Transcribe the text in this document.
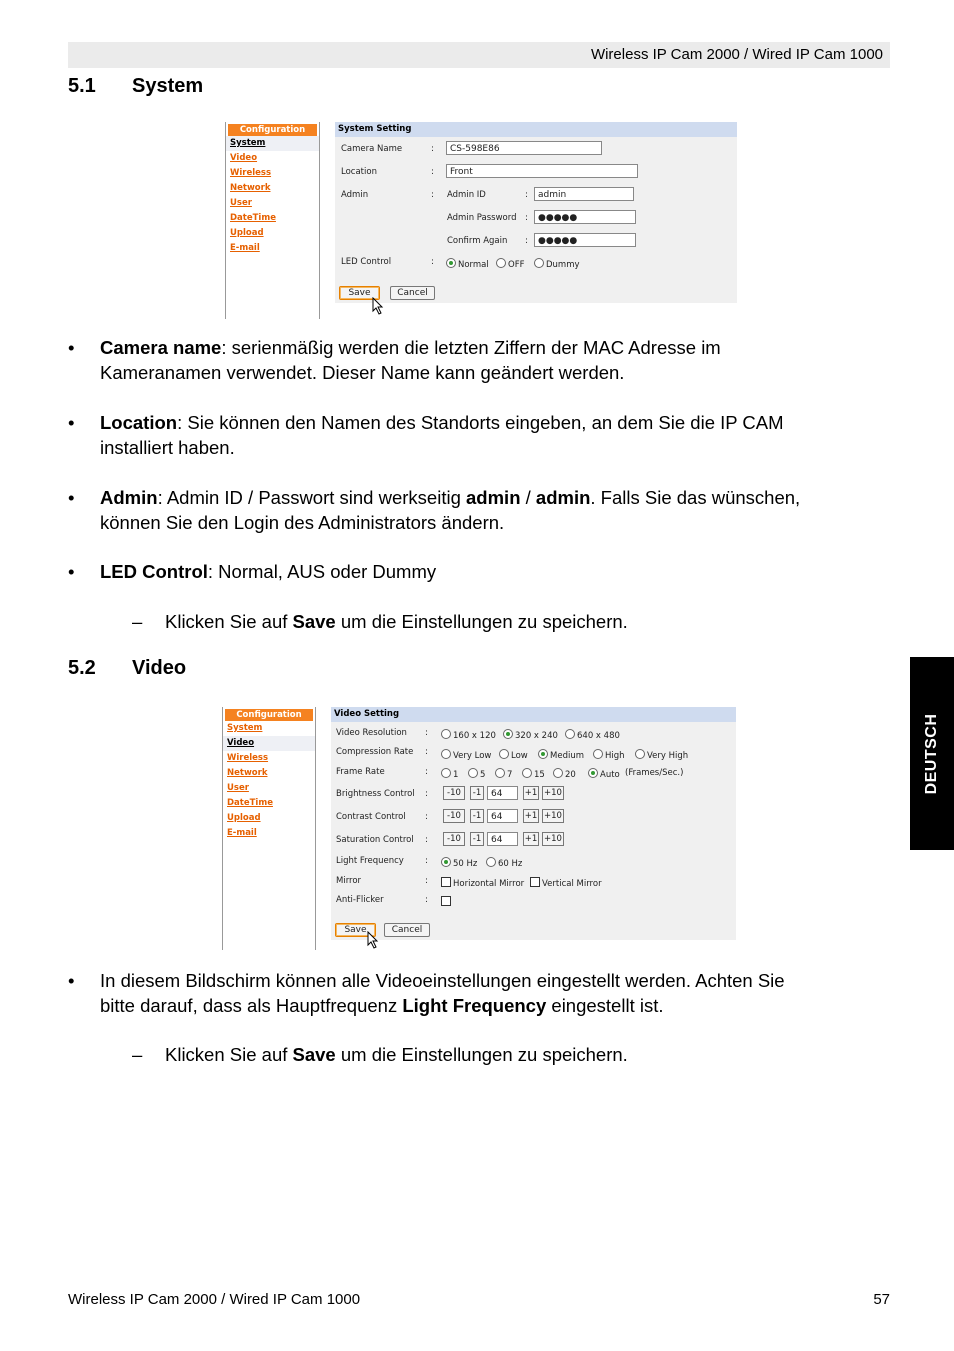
Wireless IP Cam 2000 / Wired IP Cam 1000
5.1 System
Configuration
System
Video
Wireless
Network
User
DateTime
Upload
E-mail
System Setting
Camera Name	:	CS-598E86
Location	:	Front
Admin	: Admin ID	:	admin
Admin Password :	●●●●●
Confirm Again :	●●●●●
LED Control	:	Normal	OFF	Dummy
Save	Cancel
• Camera name: serienmäßig werden die letzten Ziffern der MAC Adresse im
Kameranamen verwendet. Dieser Name kann geändert werden.
• Location: Sie können den Namen des Standorts eingeben, an dem Sie die IP CAM
installiert haben.
• Admin: Admin ID / Passwort sind werkseitig admin / admin. Falls Sie das wünschen,
können Sie den Login des Administrators ändern.
• LED Control: Normal, AUS oder Dummy
– Klicken Sie auf Save um die Einstellungen zu speichern.
5.2 Video
Configuration
System
Video
Wireless
Network
User
DateTime
Upload
E-mail
Video Setting
Video Resolution :	160 x 120	320 x 240	640 x 480
Compression Rate :	Very Low	Low	Medium	High	Very High
Frame Rate	:	1	5	7	15	20	Auto (Frames/Sec.)
Brightness Control :	-10	-1	64	+1 +10
Contrast Control :	-10	-1	64	+1 +10
Saturation Control :	-10	-1	64	+1 +10
Light Frequency :	50 Hz	60 Hz
Mirror	:	Horizontal Mirror	Vertical Mirror
Anti-Flicker	:
Save	Cancel
• In diesem Bildschirm können alle Videoeinstellungen eingestellt werden. Achten Sie
bitte darauf, dass als Hauptfrequenz Light Frequency eingestellt ist.
– Klicken Sie auf Save um die Einstellungen zu speichern.
DEUTSCH
Wireless IP Cam 2000 / Wired IP Cam 1000	57
